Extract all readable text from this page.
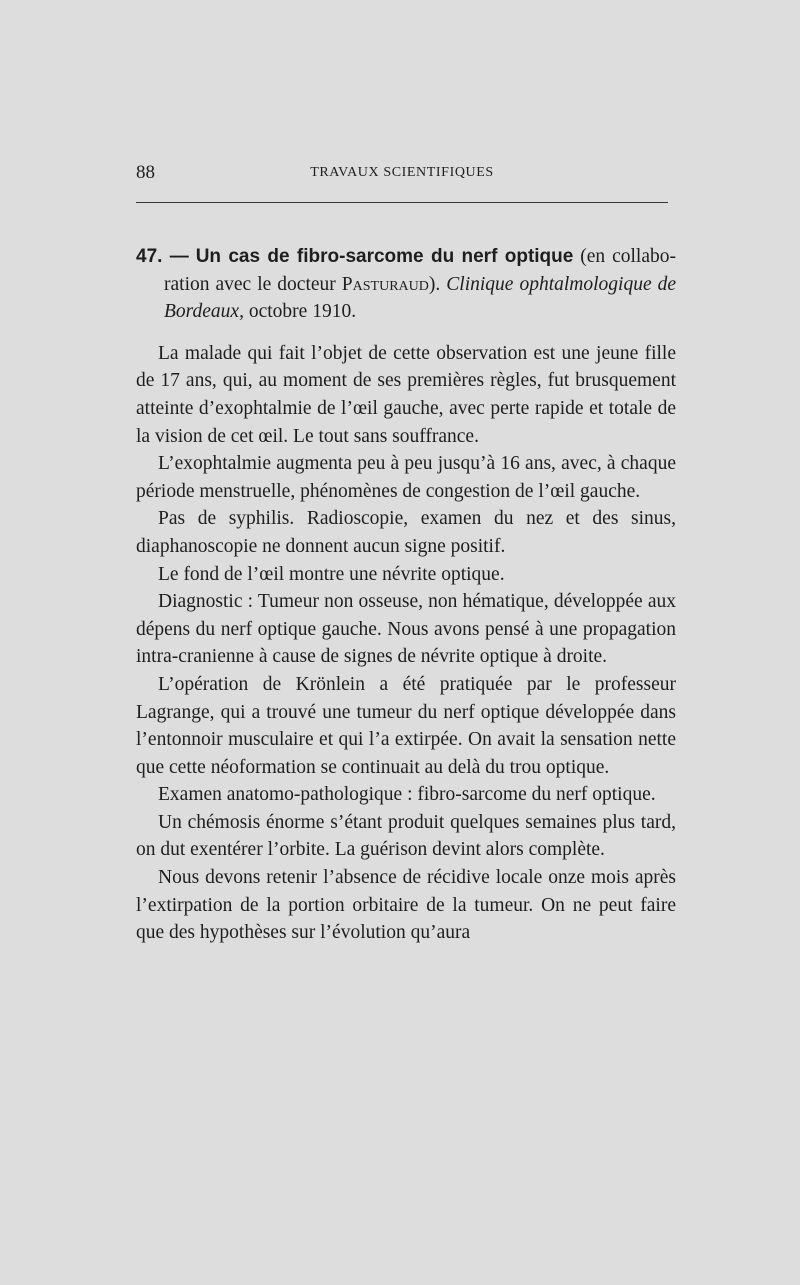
88	TRAVAUX SCIENTIFIQUES

47. — Un cas de fibro-sarcome du nerf optique (en collaboration avec le docteur Pasturaud). Clinique ophtalmologique de Bordeaux, octobre 1910.

La malade qui fait l’objet de cette observation est une jeune fille de 17 ans, qui, au moment de ses premières règles, fut brusquement atteinte d’exophtalmie de l’œil gauche, avec perte rapide et totale de la vision de cet œil. Le tout sans souffrance.

L’exophtalmie augmenta peu à peu jusqu’à 16 ans, avec, à chaque période menstruelle, phénomènes de congestion de l’œil gauche.

Pas de syphilis. Radioscopie, examen du nez et des sinus, diaphanoscopie ne donnent aucun signe positif.

Le fond de l’œil montre une névrite optique.

Diagnostic : Tumeur non osseuse, non hématique, développée aux dépens du nerf optique gauche. Nous avons pensé à une propagation intra-cranienne à cause de signes de névrite optique à droite.

L’opération de Krönlein a été pratiquée par le professeur Lagrange, qui a trouvé une tumeur du nerf optique développée dans l’entonnoir musculaire et qui l’a extirpée. On avait la sensation nette que cette néoformation se continuait au delà du trou optique.

Examen anatomo-pathologique : fibro-sarcome du nerf optique.

Un chémosis énorme s’étant produit quelques semaines plus tard, on dut exentérer l’orbite. La guérison devint alors complète.

Nous devons retenir l’absence de récidive locale onze mois après l’extirpation de la portion orbitaire de la tumeur. On ne peut faire que des hypothèses sur l’évolution qu’aura
